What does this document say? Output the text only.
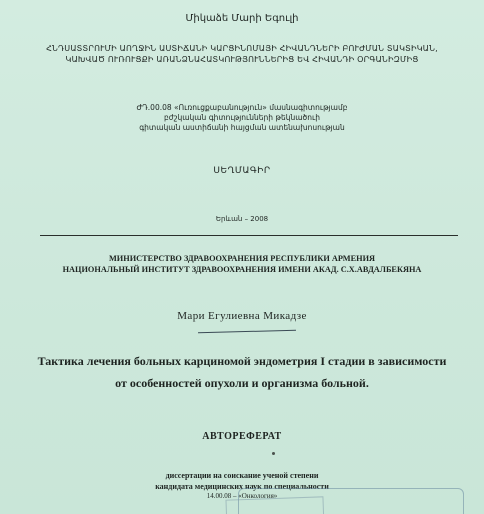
Միկաձե Մարի Եգուլի
ՀՆԴՍԱՏՏՐՈՒՄԻ ԱՈՂՋԻՆ ԱՍՏԻՃԱՆԻ ԿԱՐՑԻՆՈՄԱՅԻ ՀԻՎԱՆԴՆԵՐԻ ԲՈՒԺՄԱՆ ՏԱԿՏԻԿԱՆ,
ԿԱԽՎԱԾ ՈՒՌՈՒՑՔԻ ԱՌԱՆՁՆԱՀԱՏԿՈՒԹՅՈՒՆՆԵՐԻՑ ԵՎ ՀԻՎԱՆԴԻ ՕՐԳԱՆԻԶՄԻՑ
ԺԴ.00.08 «Ուռուցքաբանություն» մասնագիտությամբ
բժշկական գիտությունների թեկնածուի
գիտական աստիճանի հայցման ատենախոսության
ՍԵՂՄԱԳԻՐ
Երևան – 2008
МИНИСТЕРСТВО ЗДРАВООХРАНЕНИЯ РЕСПУБЛИКИ АРМЕНИЯ
НАЦИОНАЛЬНЫЙ ИНСТИТУТ ЗДРАВООХРАНЕНИЯ ИМЕНИ АКАД. С.Х.АВДАЛБЕКЯНА
Мари Егулиевна Микадзе
Тактика лечения больных карциномой эндометрия I стадии в зависимости
от особенностей опухоли и организма больной.
АВТОРЕФЕРАТ
диссертации на соискание ученой степени
кандидата медицинских наук по специальности
14.00.08 – «Онкология»
